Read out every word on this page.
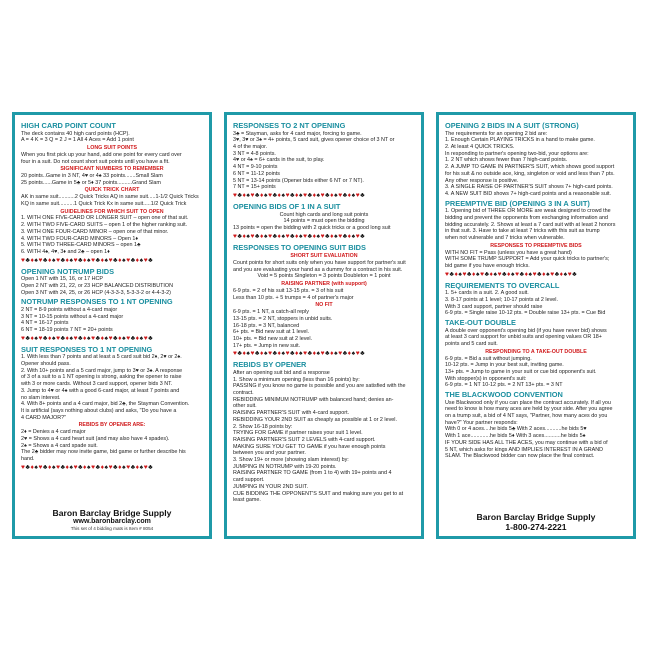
HIGH CARD POINT COUNT
The deck contains 40 high card points (HCP).
A = 4 K = 3 Q = 2 J = 1 All 4 Aces = Add 1 point
LONG SUIT POINTS
When you first pick up your hand, add one point for every card over
four in a suit. Do not count short suit points until you have a fit.
SIGNIFICANT NUMBERS TO REMEMBER
20 points..Game in 3 NT, 4♥ or 4♠ 33 points.......Small Slam
25 points......Game in 5♣ or 5♦ 37 points..........Grand Slam
QUICK TRICK CHART
AK in same suit...........2 Quick Tricks AQ in same suit.....1-1/2 Quick Tricks
KQ in same suit..........1 Quick Trick Kx in same suit.....1/2 Quick Trick
GUIDELINES FOR WHICH SUIT TO OPEN
1. WITH ONE FIVE-CARD OR LONGER SUIT – open one of that suit.
2. WITH TWO FIVE-CARD SUITS – open 1 of the higher ranking suit.
3. WITH ONE FOUR-CARD MINOR – open one of that minor.
4. WITH TWO FOUR-CARD MINORS – Open 1♦
5. WITH TWO THREE-CARD MINORS – open 1♣
6. WITH 4♠, 4♥, 3♦ and 2♣ – open 1♦
♥♣♦♠♥♣♦♠♥♣♦♠♥♣♦♠♥♣♦♠♥♣♦♠♥♣♦♠♥♣
OPENING NOTRUMP BIDS
Open 1 NT with 15, 16, or 17 HCP
Open 2 NT with 21, 22, or 23 HCP BALANCED DISTRIBUTION
Open 3 NT with 24, 25, or 26 HCP (4-3-3-3, 5-3-3-2 or 4-4-3-2)
NOTRUMP RESPONSES TO 1 NT OPENING
2 NT = 8-9 points without a 4-card major
3 NT = 10-15 points without a 4-card major
4 NT = 16-17 points
6 NT = 18-19 points 7 NT = 20+ points
♥♣♦♠♥♣♦♠♥♣♦♠♥♣♦♠♥♣♦♠♥♣♦♠♥♣♦♠♥♣
SUIT RESPONSES TO 1 NT OPENING
1. With less than 7 points and at least a 5 card suit bid 2♦, 2♥ or 2♠.
Opener should pass.
2. With 10+ points and a 5 card major, jump to 3♥ or 3♠. A response
of 3 of a suit to a 1 NT opening is strong, asking the opener to raise
with 3 or more cards. Without 3 card support, opener bids 3 NT.
3. Jump to 4♥ or 4♠ with a good 6-card major, at least 7 points and
no slam interest.
4. With 8+ points and a 4 card major, bid 2♣, the Stayman Convention.
It is artificial (says nothing about clubs) and asks, "Do you have a
4 CARD MAJOR?"
REBIDS BY OPENER ARE:
2♦ = Denies a 4 card major
2♥ = Shows a 4 card heart suit (and may also have 4 spades).
2♠ = Shows a 4 card spade suit.
The 2♣ bidder may now invite game, bid game or further describe his
hand.
♥♣♦♠♥♣♦♠♥♣♦♠♥♣♦♠♥♣♦♠♥♣♦♠♥♣♦♠♥♣
Baron Barclay Bridge Supply
www.baronbarclay.com
This set of 4 bidding mats is Item # 8054
RESPONSES TO 2 NT OPENING
3♣ = Stayman, asks for 4 card major, forcing to game.
3♥, 3♥ or 3♠ = 4+ points, 5 card suit, gives opener choice of 3 NT or
4 of the major.
3 NT = 4-8 points.
4♥ or 4♠ = 6+ cards in the suit, to play.
4 NT = 9-10 points
6 NT = 11-12 points
5 NT = 13-14 points (Opener bids either 6 NT or 7 NT).
7 NT = 15+ points
♥♣♦♠♥♣♦♠♥♣♦♠♥♣♦♠♥♣♦♠♥♣♦♠♥♣♦♠♥♣
OPENING BIDS OF 1 IN A SUIT
Count high cards and long suit points
14 points = must open the bidding
13 points = open the bidding with 2 quick tricks or a good long suit
♥♣♦♠♥♣♦♠♥♣♦♠♥♣♦♠♥♣♦♠♥♣♦♠♥♣♦♠♥♣
RESPONSES TO OPENING SUIT BIDS
SHORT SUIT EVALUATION
Count points for short suits only when you have support for partner's suit
and you are evaluating your hand as a dummy for a contract in his suit.
Void = 5 points Singleton = 3 points Doubleton = 1 point
RAISING PARTNER (with support)
6-9 pts. = 2 of his suit 13-15 pts. = 3 of his suit
Less than 10 pts. + 5 trumps = 4 of partner's major
NO FIT
6-9 pts. = 1 NT, a catch-all reply
13-15 pts. = 2 NT, stoppers in unbid suits.
16-18 pts. = 3 NT, balanced
6+ pts. = Bid new suit at 1 level.
10+ pts. = Bid new suit at 2 level.
17+ pts. = Jump in new suit.
♥♣♦♠♥♣♦♠♥♣♦♠♥♣♦♠♥♣♦♠♥♣♦♠♥♣♦♠♥♣
REBIDS BY OPENER
After an opening suit bid and a response
1. Show a minimum opening (less than 16 points) by:
PASSING if you know no game is possible and you are satisfied with the
contract.
REBIDDING MINIMUM NOTRUMP with balanced hand; denies an-
other suit.
RAISING PARTNER'S SUIT with 4-card support.
REBIDDING YOUR 2ND SUIT as cheaply as possible at 1 or 2 level.
2. Show 16-18 points by:
TRYING FOR GAME if partner raises your suit 1 level.
RAISING PARTNER'S SUIT 2 LEVELS with 4-card support.
MAKING SURE YOU GET TO GAME if you have enough points
between you and your partner.
3. Show 19+ or more (showing slam interest) by:
JUMPING IN NOTRUMP with 19-20 points.
RAISING PARTNER TO GAME (from 1 to 4) with 19+ points and 4
card support.
JUMPING IN YOUR 2ND SUIT.
CUE BIDDING THE OPPONENT'S SUIT and making sure you get to at
least game.
OPENING 2 BIDS IN A SUIT (STRONG)
The requirements for an opening 2 bid are:
1. Enough Certain PLAYING TRICKS in a hand to make game.
2. At least 4 QUICK TRICKS.
In responding to partner's opening two-bid, your options are:
1. 2 NT which shows fewer than 7 high-card points.
2. A JUMP TO GAME IN PARTNER'S SUIT, which shows good support
for his suit & no outside ace, king, singleton or void and less than 7 pts.
Any other response is positive.
3. A SINGLE RAISE OF PARTNER'S SUIT shows 7+ high-card points.
4. A NEW SUIT BID shows 7+ high-card points and a reasonable suit.
PREEMPTIVE BID (OPENING 3 IN A SUIT)
1. Opening bid of THREE OR MORE are weak designed to crowd the
bidding and prevent the opponents from exchanging information and
bidding accurately. 2. Shows at least a 7 card suit with at least 2 honors
in that suit. 3. Have to take at least 7 tricks with this suit as trump
when not vulnerable and 7 tricks when vulnerable.
RESPONSES TO PREEMPTIVE BIDS
WITH NO FIT = Pass (unless you have a great hand)
WITH SOME TRUMP SUPPORT = Add your quick tricks to partner's;
bid game if you have enough tricks.
♥♣♦♠♥♣♦♠♥♣♦♠♥♣♦♠♥♣♦♠♥♣♦♠♥♣♦♠♥♣
REQUIREMENTS TO OVERCALL
1. 5+ cards in a suit. 2. A good suit.
3. 8-17 points at 1 level; 10-17 points at 2 level.
With 3 card support, partner should raise
6-9 pts. = Single raise 10-12 pts. = Double raise 13+ pts. = Cue Bid
TAKE-OUT DOUBLE
A double over opponent's opening bid (if you have never bid) shows
at least 3 card support for unbid suits and opening values OR 18+
points and 5 card suit.
RESPONDING TO A TAKE-OUT DOUBLE
6-9 pts. = Bid a suit without jumping.
10-12 pts. = Jump in your best suit, inviting game.
13+ pts. = Jump to game in your suit or cue bid opponent's suit.
With stopper(s) in opponent's suit:
6-9 pts. = 1 NT 10-12 pts. = 2 NT 13+ pts. = 3 NT
THE BLACKWOOD CONVENTION
Use Blackwood only if you can place the contract accurately. If all you
need to know is how many aces are held by your side. After you agree
on a trump suit, a bid of 4 NT says, "Partner, how many aces do you
have?" Your partner responds:
With 0 or 4 aces....he bids 5♣ With 2 aces...........he bids 5♥
With 1 ace.............he bids 5♦ With 3 aces...........he bids 5♠
IF YOUR SIDE HAS ALL THE ACES, you may continue with a bid of
5 NT, which asks for kings AND IMPLIES INTEREST IN A GRAND
SLAM. The Blackwood bidder can now place the final contract.
Baron Barclay Bridge Supply
1-800-274-2221
